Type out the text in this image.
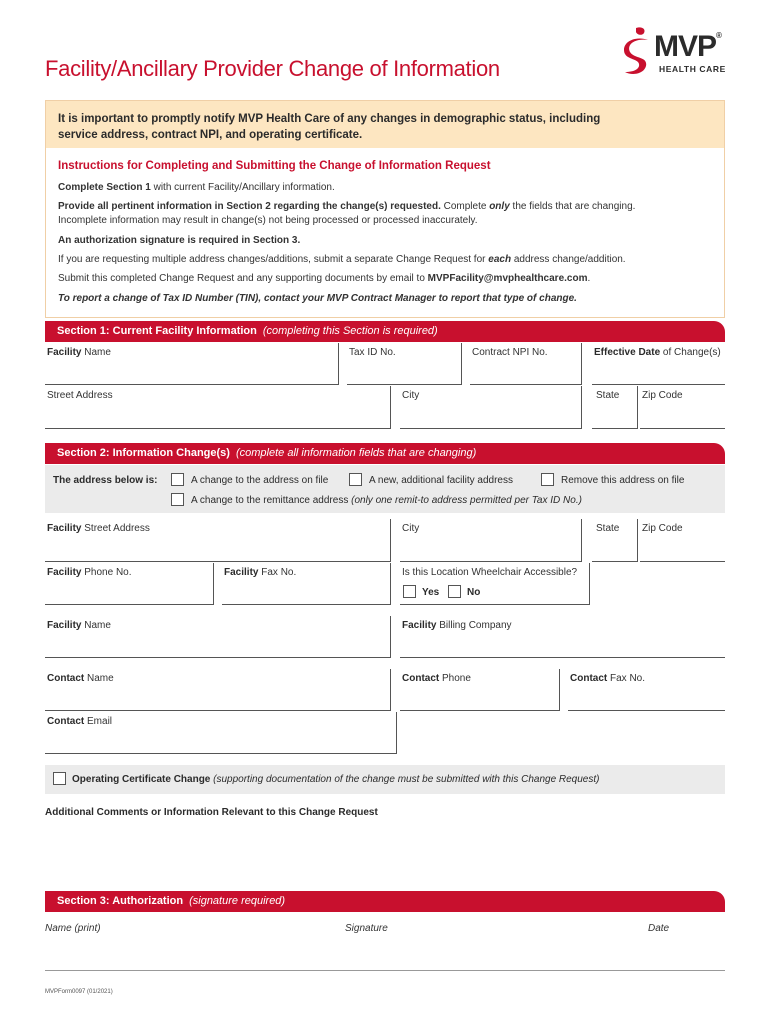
Facility/Ancillary Provider Change of Information
MVP®
HEALTH CARE
It is important to promptly notify MVP Health Care of any changes in demographic status, including service address, contract NPI, and operating certificate.
Instructions for Completing and Submitting the Change of Information Request
Complete Section 1 with current Facility/Ancillary information.
Provide all pertinent information in Section 2 regarding the change(s) requested. Complete only the fields that are changing.
Incomplete information may result in change(s) not being processed or processed inaccurately.
An authorization signature is required in Section 3.
If you are requesting multiple address changes/additions, submit a separate Change Request for each address change/addition.
Submit this completed Change Request and any supporting documents by email to MVPFacility@mvphealthcare.com.
To report a change of Tax ID Number (TIN), contact your MVP Contract Manager to report that type of change.
Section 1: Current Facility Information (completing this Section is required)
Facility Name	Tax ID No.	Contract NPI No.	Effective Date of Change(s)
Street Address	City	State Zip Code
Section 2: Information Change(s) (complete all information fields that are changing)
The address below is:	A change to the address on file	A new, additional facility address	Remove this address on file
A change to the remittance address (only one remit-to address permitted per Tax ID No.)
Facility Street Address	City	State Zip Code
Facility Phone No.	Facility Fax No.	Is this Location Wheelchair Accessible?
Yes	No
Facility Name	Facility Billing Company
Contact Name	Contact Phone	Contact Fax No.
Contact Email
Operating Certificate Change (supporting documentation of the change must be submitted with this Change Request)
Additional Comments or Information Relevant to this Change Request
Section 3: Authorization (signature required)
Name (print)	Signature	Date
MVPForm0097 (01/2021)
